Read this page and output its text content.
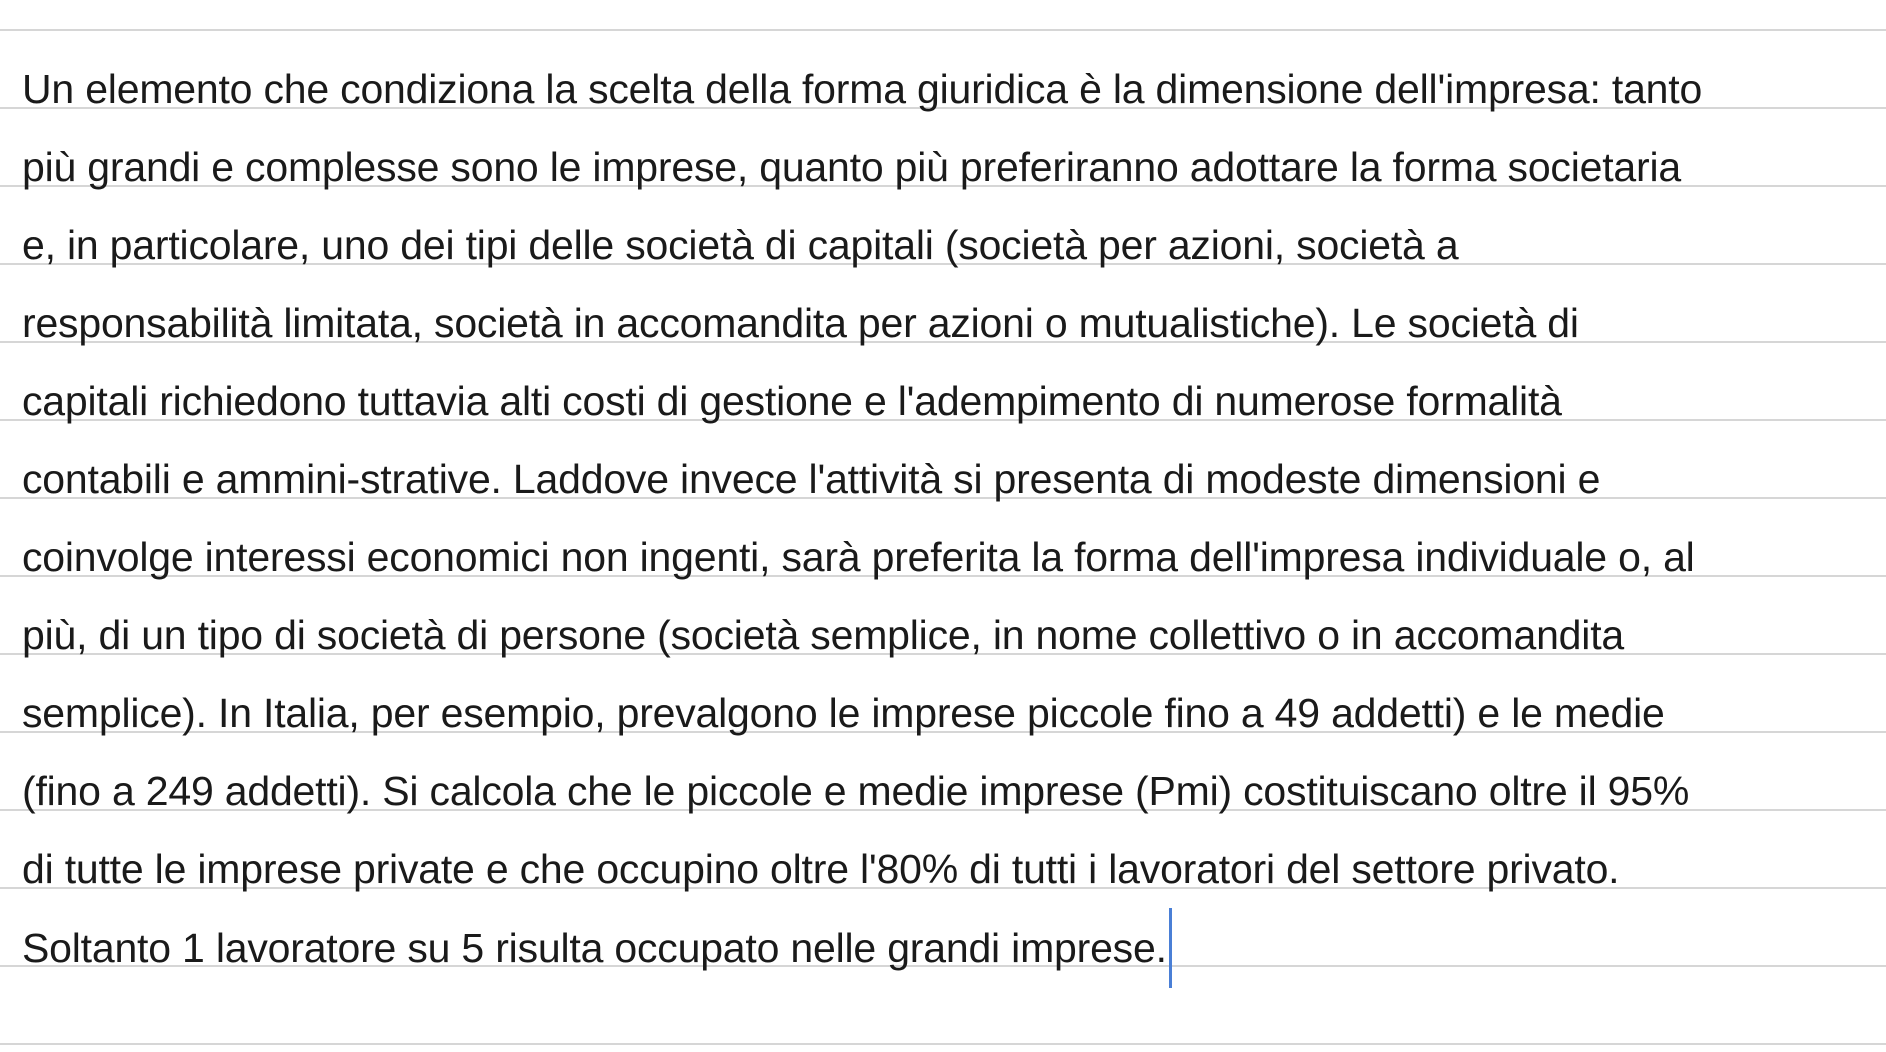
Un elemento che condiziona la scelta della forma giuridica è la dimensione dell'impresa: tanto
più grandi e complesse sono le imprese, quanto più preferiranno adottare la forma societaria
e, in particolare, uno dei tipi delle società di capitali (società per azioni, società a
responsabilità limitata, società in accomandita per azioni o mutualistiche). Le società di
capitali richiedono tuttavia alti costi di gestione e l'adempimento di numerose formalità
contabili e ammini-strative. Laddove invece l'attività si presenta di modeste dimensioni e
coinvolge interessi economici non ingenti, sarà preferita la forma dell'impresa individuale o, al
più, di un tipo di società di persone (società semplice, in nome collettivo o in accomandita
semplice). In Italia, per esempio, prevalgono le imprese piccole fino a 49 addetti) e le medie
(fino a 249 addetti). Si calcola che le piccole e medie imprese (Pmi) costituiscano oltre il 95%
di tutte le imprese private e che occupino oltre l'80% di tutti i lavoratori del settore privato.
Soltanto 1 lavoratore su 5 risulta occupato nelle grandi imprese.
